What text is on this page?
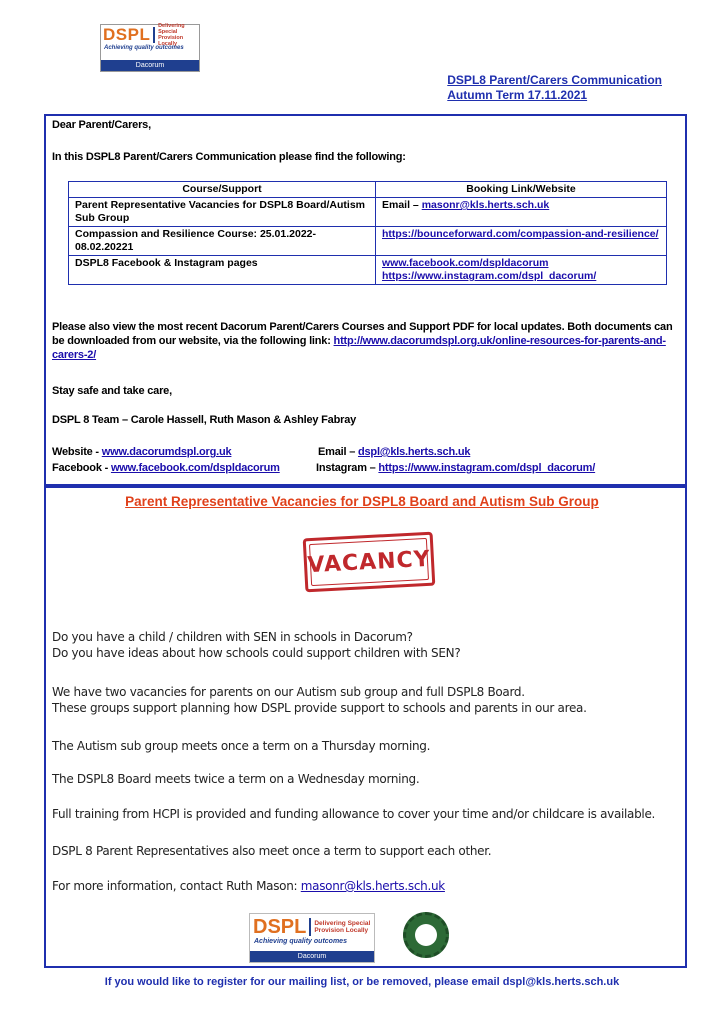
DSPL Delivering Special
Provision Locally
Achieving quality outcomes
Dacorum
DSPL8 Parent/Carers Communication
Autumn Term 17.11.2021
Dear Parent/Carers,
In this DSPL8 Parent/Carers Communication please find the following:
Course/Support	Booking Link/Website
Parent Representative Vacancies for DSPL8 Board/Autism Sub Group	Email – masonr@kls.herts.sch.uk
Compassion and Resilience Course: 25.01.2022-08.02.20221	https://bounceforward.com/compassion-and-resilience/
DSPL8 Facebook & Instagram pages	www.facebook.com/dspldacorum
https://www.instagram.com/dspl_dacorum/
Please also view the most recent Dacorum Parent/Carers Courses and Support PDF for local updates. Both documents can be downloaded from our website, via the following link: http://www.dacorumdspl.org.uk/online-resources-for-parents-and-carers-2/
Stay safe and take care,
DSPL 8 Team – Carole Hassell, Ruth Mason & Ashley Fabray
Website - www.dacorumdspl.org.uk	Email – dspl@kls.herts.sch.uk
Facebook - www.facebook.com/dspldacorum	Instagram – https://www.instagram.com/dspl_dacorum/
Parent Representative Vacancies for DSPL8 Board and Autism Sub Group
VACANCY
Do you have a child / children with SEN in schools in Dacorum?
Do you have ideas about how schools could support children with SEN?
We have two vacancies for parents on our Autism sub group and full DSPL8 Board.
These groups support planning how DSPL provide support to schools and parents in our area.
The Autism sub group meets once a term on a Thursday morning.
The DSPL8 Board meets twice a term on a Wednesday morning.
Full training from HCPI is provided and funding allowance to cover your time and/or childcare is available.
DSPL 8 Parent Representatives also meet once a term to support each other.
For more information, contact Ruth Mason: masonr@kls.herts.sch.uk
DSPL Delivering Special
Provision Locally
Achieving quality outcomes
Dacorum
If you would like to register for our mailing list, or be removed, please email dspl@kls.herts.sch.uk
